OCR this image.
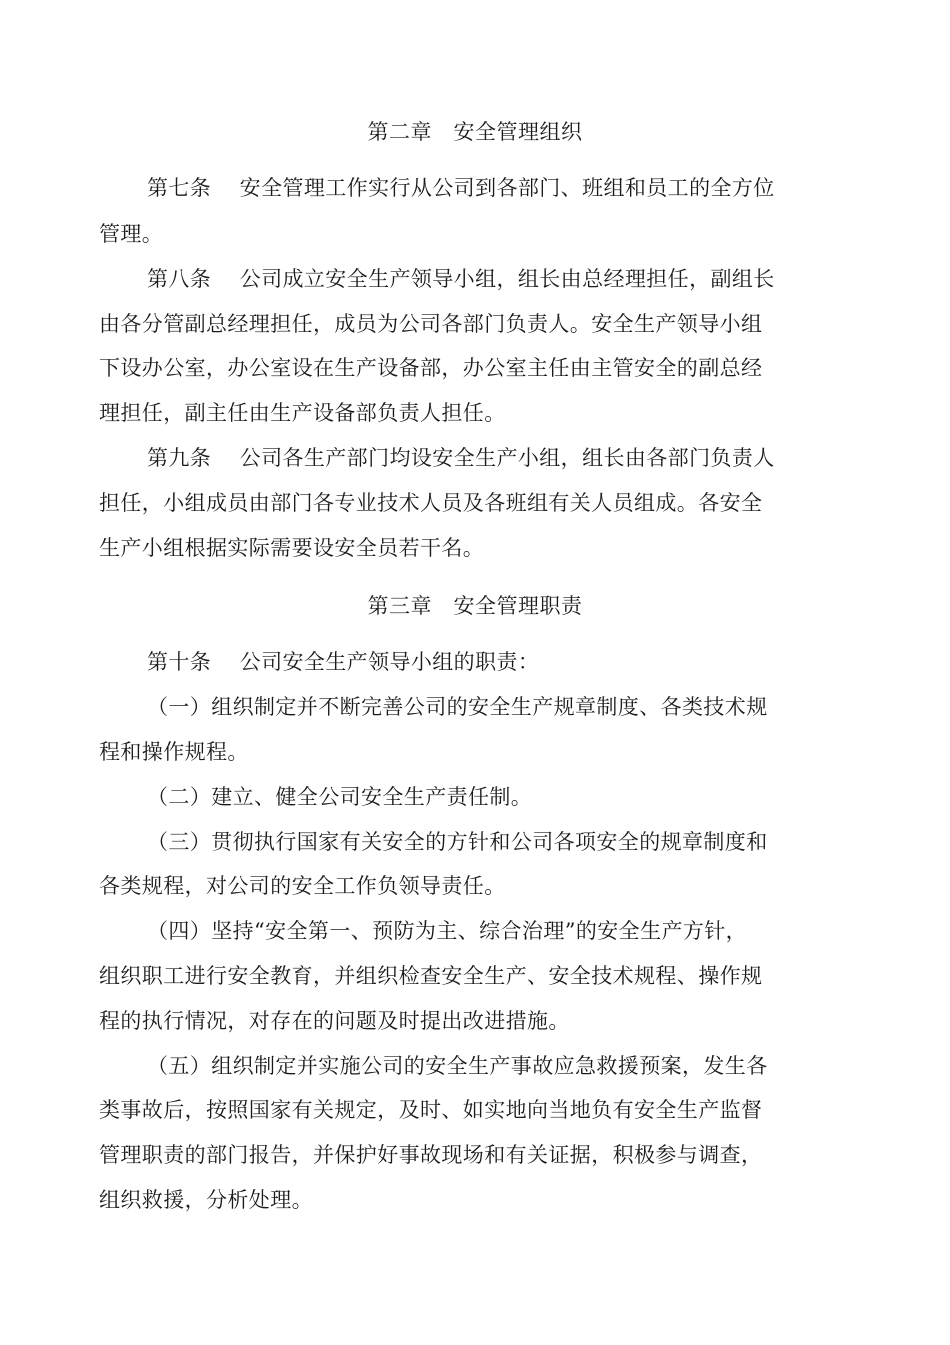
第二章　安全管理组织
第七条　 安全管理工作实行从公司到各部门、班组和员工的全方位
管理。
第八条　 公司成立安全生产领导小组，组长由总经理担任，副组长
由各分管副总经理担任，成员为公司各部门负责人。安全生产领导小组
下设办公室，办公室设在生产设备部，办公室主任由主管安全的副总经
理担任，副主任由生产设备部负责人担任。
第九条　 公司各生产部门均设安全生产小组，组长由各部门负责人
担任，小组成员由部门各专业技术人员及各班组有关人员组成。各安全
生产小组根据实际需要设安全员若干名。
第三章　安全管理职责
第十条　 公司安全生产领导小组的职责：
（一）组织制定并不断完善公司的安全生产规章制度、各类技术规
程和操作规程。
（二）建立、健全公司安全生产责任制。
（三）贯彻执行国家有关安全的方针和公司各项安全的规章制度和
各类规程，对公司的安全工作负领导责任。
（四）坚持“安全第一、预防为主、综合治理”的安全生产方针，
组织职工进行安全教育，并组织检查安全生产、安全技术规程、操作规
程的执行情况，对存在的问题及时提出改进措施。
（五）组织制定并实施公司的安全生产事故应急救援预案，发生各
类事故后，按照国家有关规定，及时、如实地向当地负有安全生产监督
管理职责的部门报告，并保护好事故现场和有关证据，积极参与调查，
组织救援，分析处理。
